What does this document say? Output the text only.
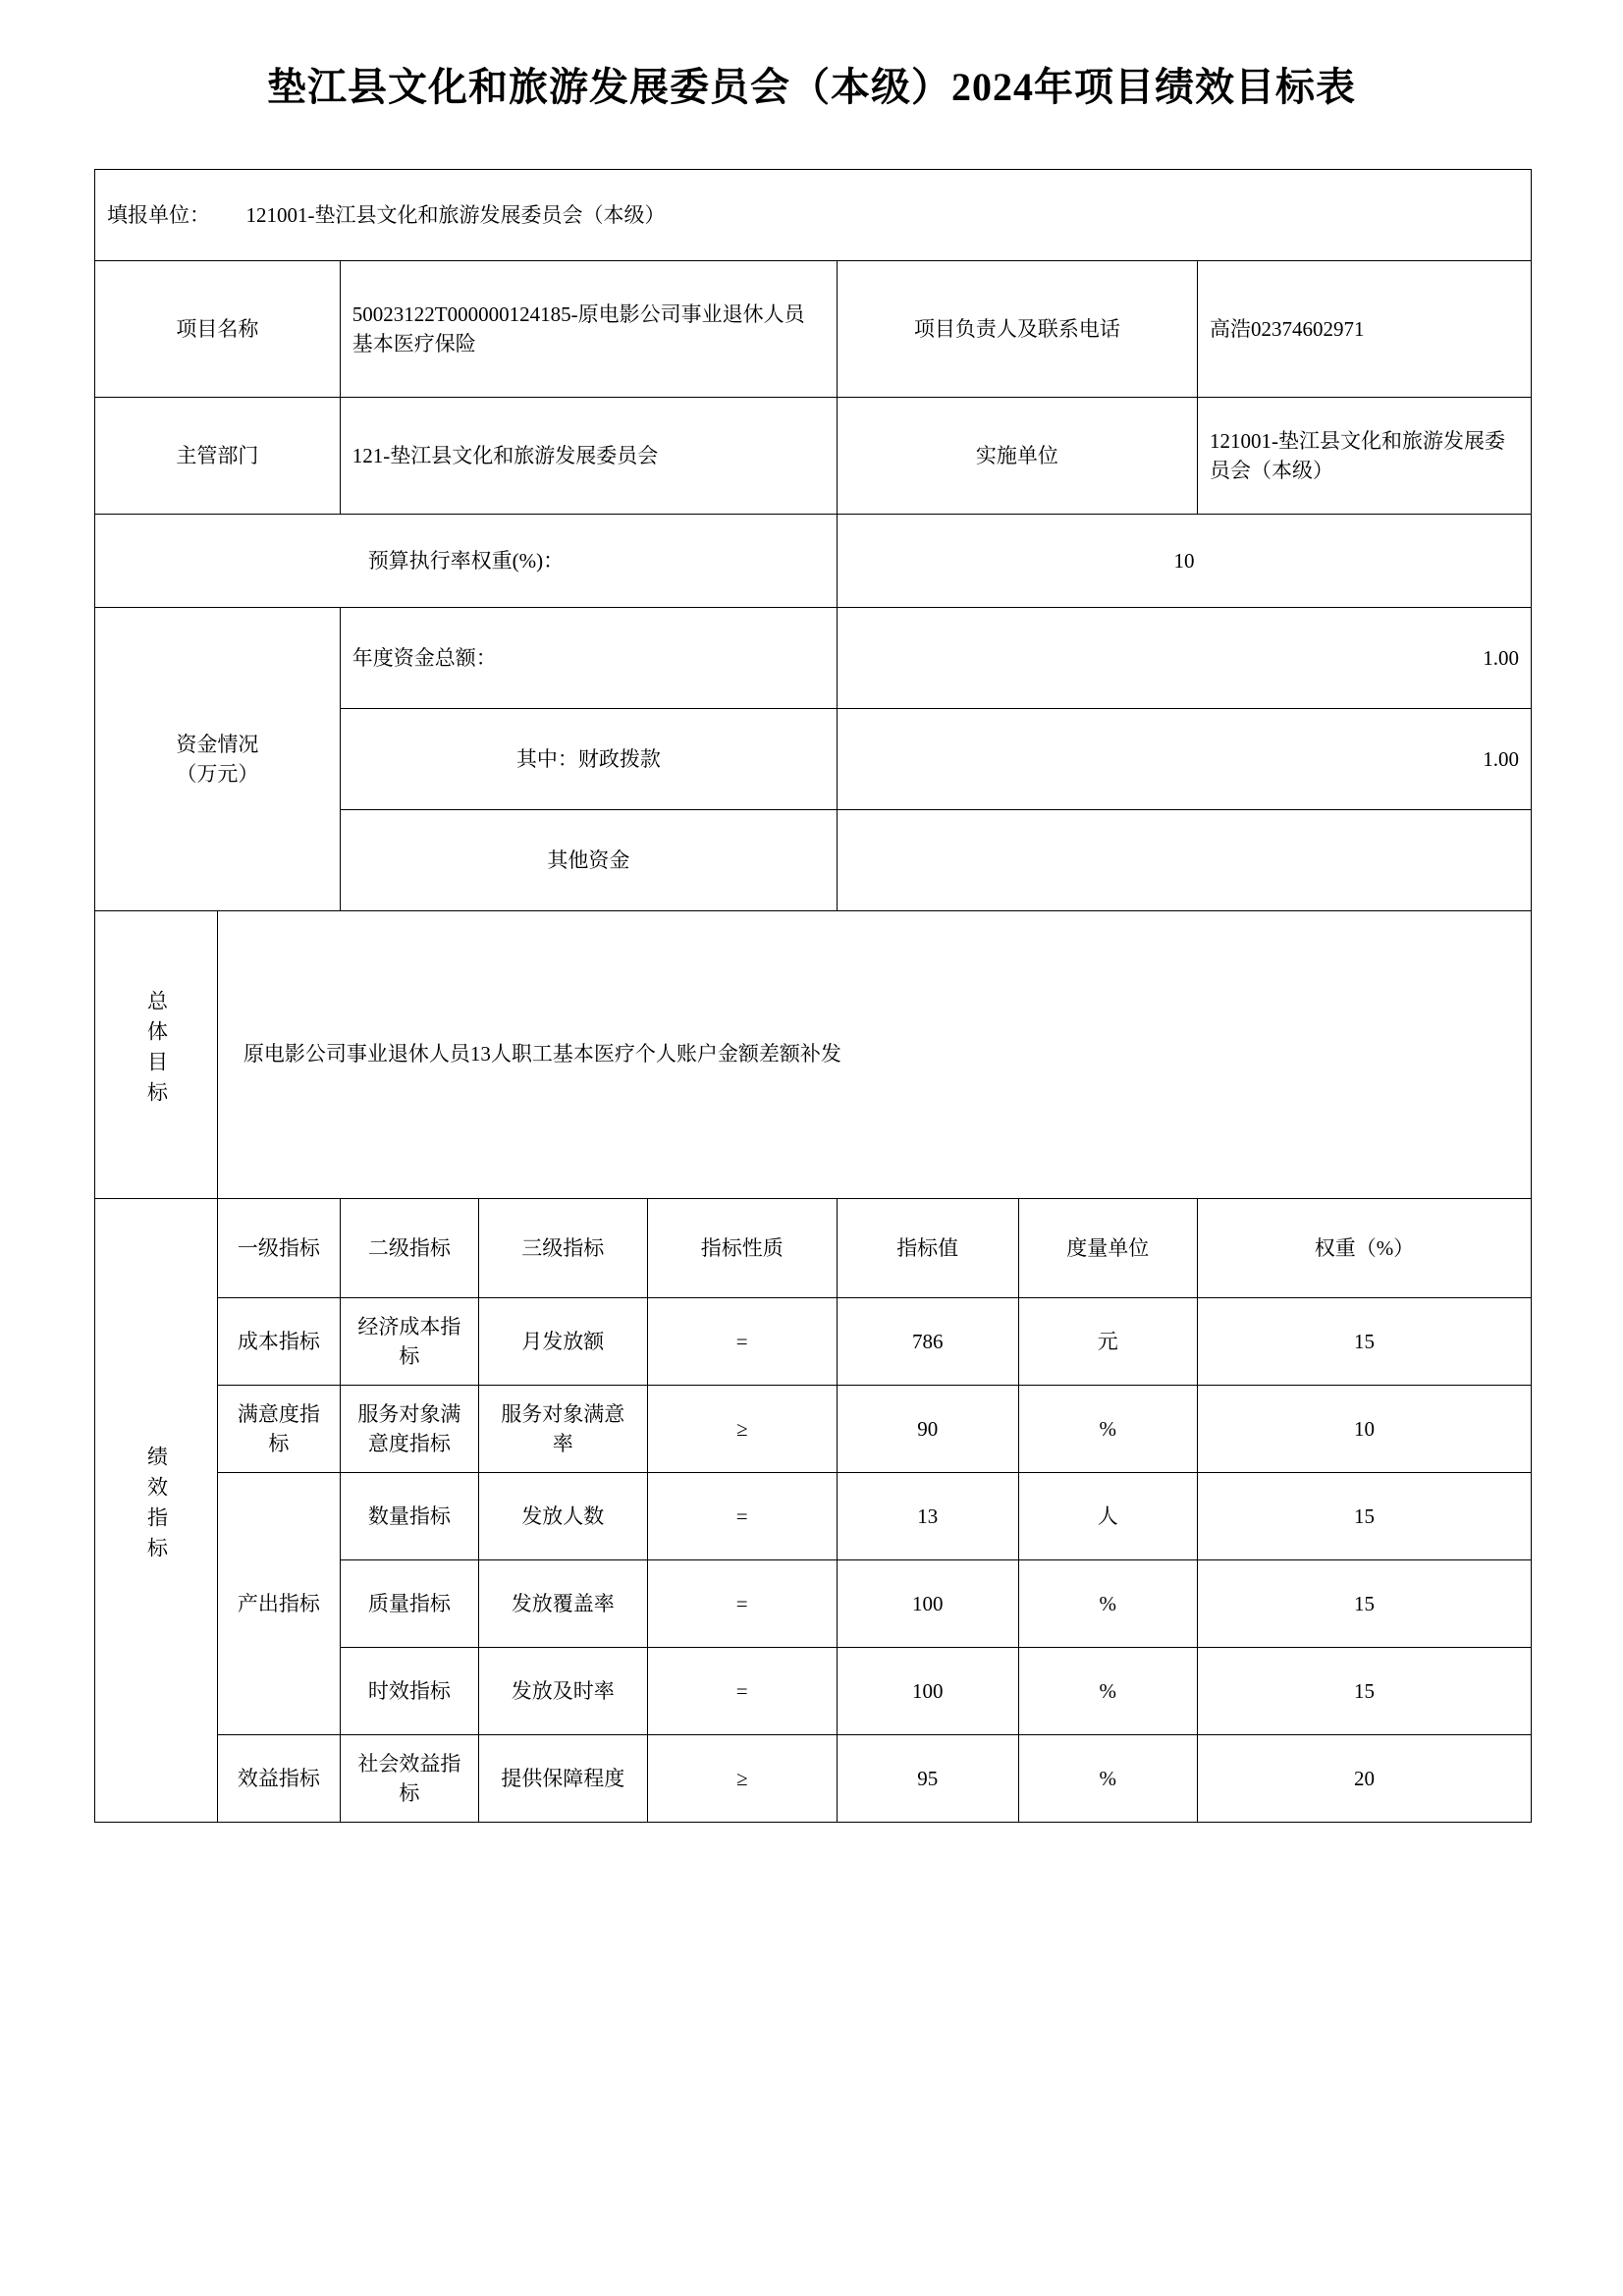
垫江县文化和旅游发展委员会（本级）2024年项目绩效目标表
填报单位： 121001-垫江县文化和旅游发展委员会（本级）							
项目名称		50023122T000000124185-原电影公司事业退休人员基本医疗保险			项目负责人及联系电话		高浩02374602971
主管部门		121-垫江县文化和旅游发展委员会			实施单位		121001-垫江县文化和旅游发展委员会（本级）
预算执行率权重(%)：					10		

资金情况
（万元）		年度资金总额：			1.00		
		其中：财政拨款			1.00		
		其他资金					
总体目标	原电影公司事业退休人员13人职工基本医疗个人账户金额差额补发						

绩效指标	一级指标	二级指标	三级指标	指标性质	指标值	度量单位	权重（%）
	成本指标	经济成本指标	月发放额	=	786	元	15
	满意度指标	服务对象满意度指标	服务对象满意率	≥	90	%	10
	产出指标	数量指标	发放人数	=	13	人	15
		质量指标	发放覆盖率	=	100	%	15
		时效指标	发放及时率	=	100	%	15
	效益指标	社会效益指标	提供保障程度	≥	95	%	20
